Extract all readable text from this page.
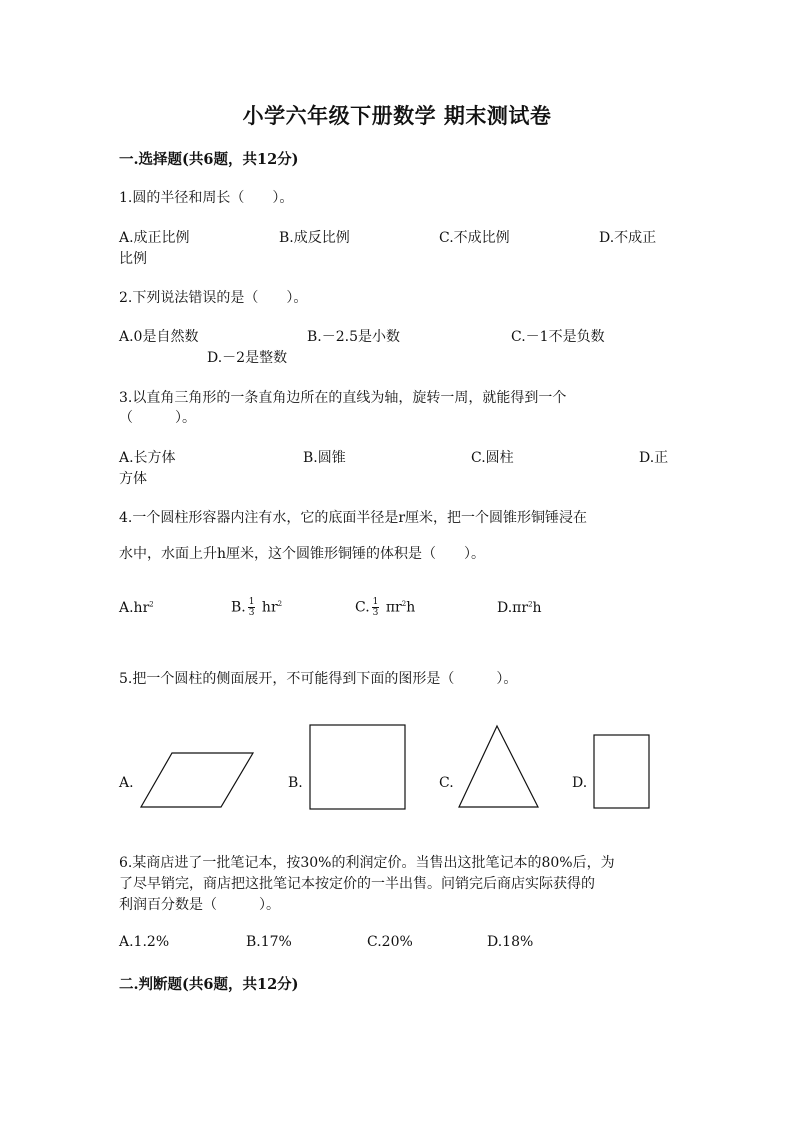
小学六年级下册数学 期末测试卷
一.选择题(共6题，共12分)
1.圆的半径和周长（　　）。
A.成正比例	B.成反比例	C.不成比例	D.不成正
比例
2.下列说法错误的是（　　）。
A.0是自然数	B.－2.5是小数	C.－1不是负数
D.－2是整数
3.以直角三角形的一条直角边所在的直线为轴，旋转一周，就能得到一个
（　　　）。
A.长方体	B.圆锥	C.圆柱	D.正
方体
4.一个圆柱形容器内注有水，它的底面半径是r厘米，把一个圆锥形铜锤浸在
水中，水面上升h厘米，这个圆锥形铜锤的体积是（　　）。
$A.hr^2$	B. $\frac{1}{3} hr^2$	C. $\frac{1}{3} \pi r^2h$	$D.\pi r^2h$
5.把一个圆柱的侧面展开，不可能得到下面的图形是（　　　）。
A.	B.	C.	D.
6.某商店进了一批笔记本，按30%的利润定价。当售出这批笔记本的80%后，为
了尽早销完，商店把这批笔记本按定价的一半出售。问销完后商店实际获得的
利润百分数是（　　　）。
A.1.2%	B.17%	C.20%	D.18%
二.判断题(共6题，共12分)
